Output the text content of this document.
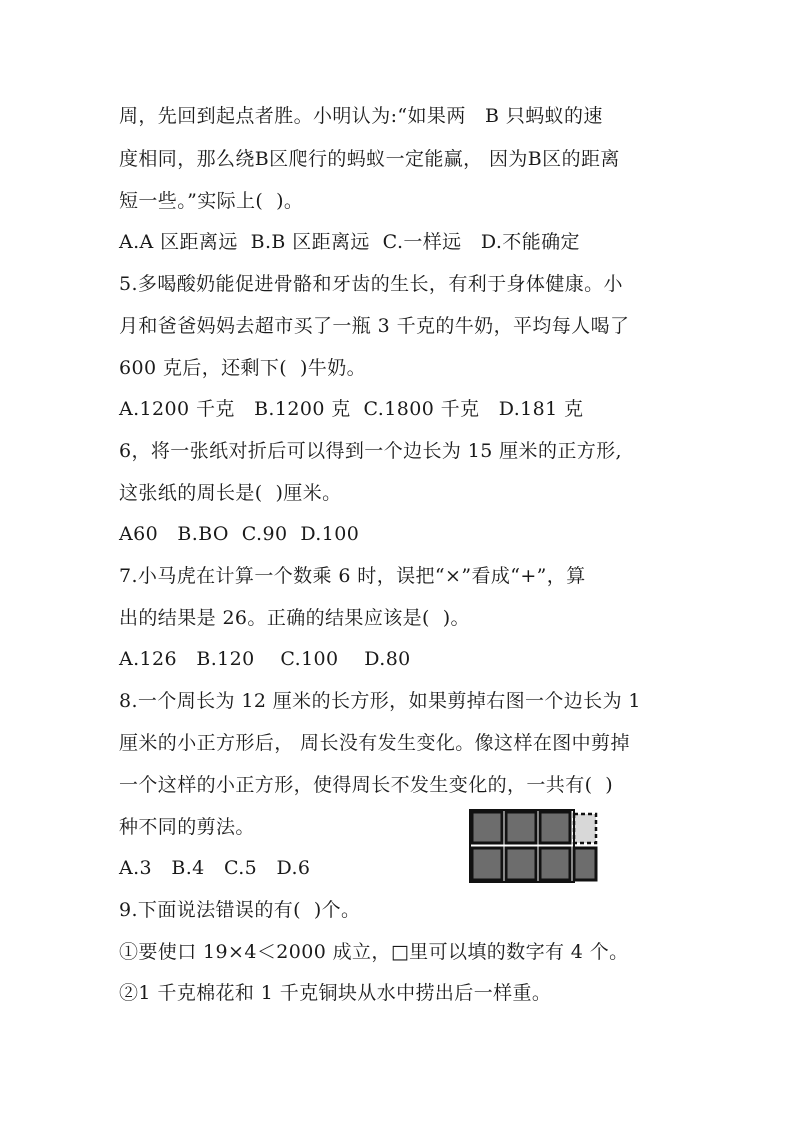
周，先回到起点者胜。小明认为:“如果两   B 只蚂蚁的速
度相同，那么绕B区爬行的蚂蚁一定能赢， 因为B区的距离
短一些。”实际上(  )。
A.A 区距离远  B.B 区距离远  C.一样远   D.不能确定
5.多喝酸奶能促进骨骼和牙齿的生长，有利于身体健康。小
月和爸爸妈妈去超市买了一瓶 3 千克的牛奶，平均每人喝了
600 克后，还剩下(  )牛奶。
A.1200 千克   B.1200 克  C.1800 千克   D.181 克
6，将一张纸对折后可以得到一个边长为 15 厘米的正方形,
这张纸的周长是(  )厘米。
A60   B.BO  C.90  D.100
7.小马虎在计算一个数乘 6 时，误把“×”看成“+”，算
出的结果是 26。正确的结果应该是(  )。
A.126   B.120    C.100    D.80
8.一个周长为 12 厘米的长方形，如果剪掉右图一个边长为 1
厘米的小正方形后， 周长没有发生变化。像这样在图中剪掉
一个这样的小正方形，使得周长不发生变化的，一共有(  )
种不同的剪法。
A.3   B.4   C.5   D.6
9.下面说法错误的有(  )个。
①要使口 19×4＜2000 成立，□里可以填的数字有 4 个。
②1 千克棉花和 1 千克铜块从水中捞出后一样重。
